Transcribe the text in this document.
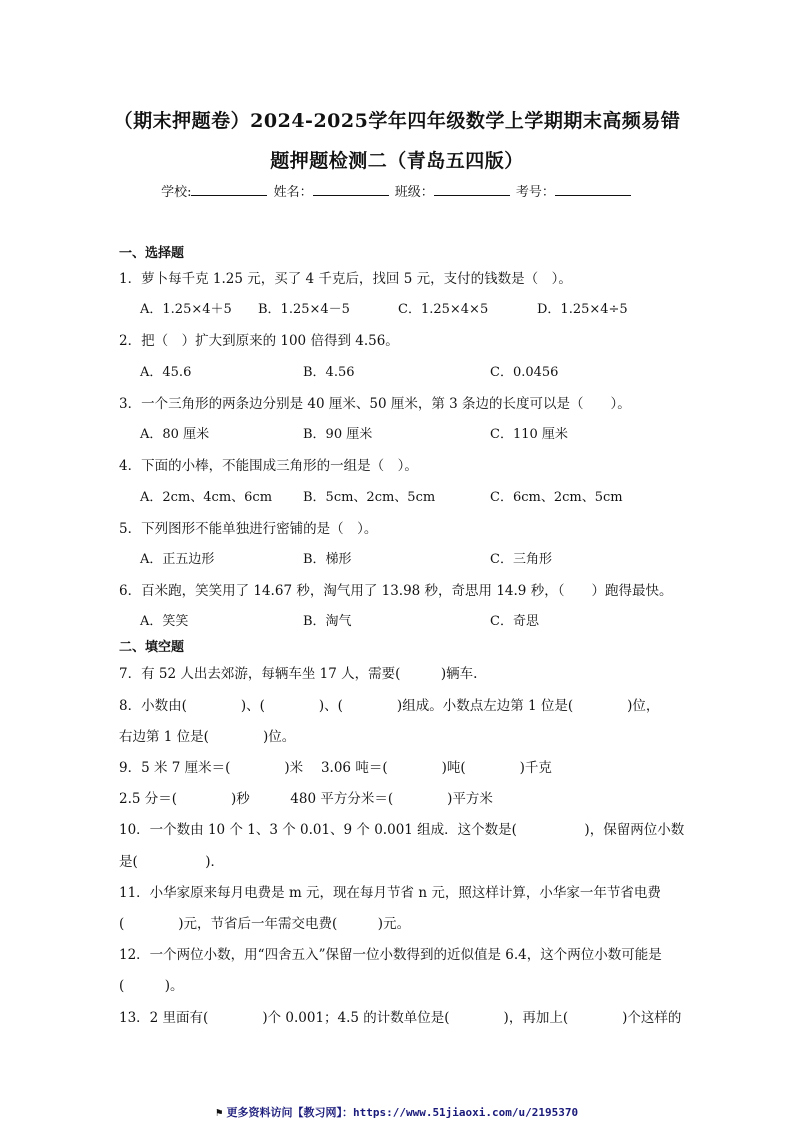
（期末押题卷）2024-2025学年四年级数学上学期期末高频易错
题押题检测二（青岛五四版）
学校:	姓名：	班级：	考号：
一、选择题
1．萝卜每千克 1.25 元，买了 4 千克后，找回 5 元，支付的钱数是（　）。
A．1.25×4＋5 B．1.25×4－5	C．1.25×4×5	D．1.25×4÷5
2．把（　）扩大到原来的 100 倍得到 4.56。
A．45.6	B．4.56	C．0.0456
3．一个三角形的两条边分别是 40 厘米、50 厘米，第 3 条边的长度可以是（　　）。
A．80 厘米	B．90 厘米	C．110 厘米
4．下面的小棒，不能围成三角形的一组是（　）。
A．2cm、4cm、6cm B．5cm、2cm、5cm	C．6cm、2cm、5cm
5．下列图形不能单独进行密铺的是（　）。
A．正五边形	B．梯形	C．三角形
6．百米跑，笑笑用了 14.67 秒，淘气用了 13.98 秒，奇思用 14.9 秒，（　　）跑得最快。
A．笑笑	B．淘气	C．奇思
二、填空题
7．有 52 人出去郊游，每辆车坐 17 人，需要(　　　)辆车.
8．小数由(　　　　)、(　　　　)、(　　　　)组成。小数点左边第 1 位是(　　　　)位，
右边第 1 位是(　　　　)位。
9．5 米 7 厘米＝(　　　　)米　 3.06 吨＝(　　　　)吨(　　　　)千克
2.5 分＝(　　　　)秒　　　480 平方分米＝(　　　　)平方米
10．一个数由 10 个 1、3 个 0.01、9 个 0.001 组成．这个数是(　　　　　)，保留两位小数
是(　　　　　)．
11．小华家原来每月电费是 m 元，现在每月节省 n 元，照这样计算，小华家一年节省电费
(　　　　)元，节省后一年需交电费(　　　)元。
12．一个两位小数，用“四舍五入”保留一位小数得到的近似值是 6.4，这个两位小数可能是
(　　　)。
13．2 里面有(　　　　)个 0.001；4.5 的计数单位是(　　　　)，再加上(　　　　)个这样的
⚑ 更多资料访问【教习网】：https://www.51jiaoxi.com/u/2195370
